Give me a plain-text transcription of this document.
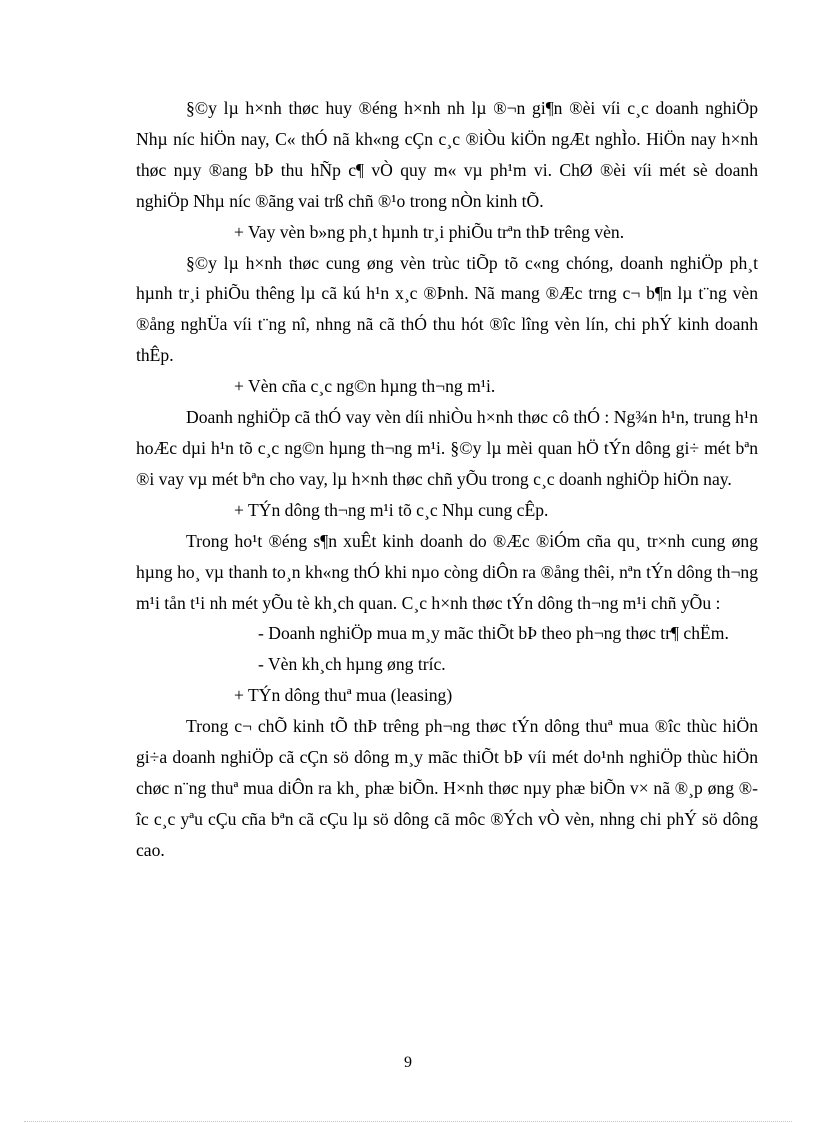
§©y lµ h×nh thøc huy ®éng h×nh nh lµ ®¬n gi¶n ®èi víi c¸c doanh nghiÖp Nhµ níc hiÖn nay, C« thÓ nã kh«ng cÇn c¸c ®iÒu kiÖn ngÆt nghÌo. HiÖn nay h×nh thøc nµy ®ang bÞ thu hÑp c¶ vÒ quy m« vµ ph¹m vi. ChØ ®èi víi mét sè doanh nghiÖp Nhµ níc ®ãng vai trß chñ ®¹o trong nÒn kinh tÕ.

+ Vay vèn b»ng ph¸t hµnh tr¸i phiÕu trªn thÞ trêng vèn.

§©y lµ h×nh thøc cung øng vèn trùc tiÕp tõ c«ng chóng, doanh nghiÖp ph¸t hµnh tr¸i phiÕu thêng lµ cã kú h¹n x¸c ®Þnh. Nã mang ®Æc trng c¬ b¶n lµ t¨ng vèn ®ång nghÜa víi t¨ng nî, nhng nã cã thÓ thu hót ®îc lîng vèn lín, chi phÝ kinh doanh thÊp.

+ Vèn cña c¸c ng©n hµng th¬ng m¹i.

Doanh nghiÖp cã thÓ vay vèn díi nhiÒu h×nh thøc cô thÓ : Ng¾n h¹n, trung h¹n hoÆc dµi h¹n tõ c¸c ng©n hµng th¬ng m¹i. §©y lµ mèi quan hÖ tÝn dông gi÷ mét bªn ®i vay vµ mét bªn cho vay, lµ h×nh thøc chñ yÕu trong c¸c doanh nghiÖp hiÖn nay.

+ TÝn dông th¬ng m¹i tõ c¸c Nhµ cung cÊp.

Trong ho¹t ®éng s¶n xuÊt kinh doanh do ®Æc ®iÓm cña qu¸ tr×nh cung øng hµng ho¸ vµ thanh to¸n kh«ng thÓ khi nµo còng diÔn ra ®ång thêi, nªn tÝn dông th¬ng m¹i tån t¹i nh mét yÕu tè kh¸ch quan. C¸c h×nh thøc tÝn dông th¬ng m¹i chñ yÕu :

- Doanh nghiÖp mua m¸y mãc thiÕt bÞ theo ph¬ng thøc tr¶ chËm.

- Vèn kh¸ch hµng øng tríc.

+ TÝn dông thuª mua (leasing)

Trong c¬ chÕ kinh tÕ thÞ trêng ph¬ng thøc tÝn dông thuª mua ®îc thùc hiÖn gi÷a doanh nghiÖp cã cÇn sö dông m¸y mãc thiÕt bÞ víi mét do¹nh nghiÖp thùc hiÖn chøc n¨ng thuª mua diÔn ra kh¸ phæ biÕn. H×nh thøc nµy phæ biÕn v× nã ®¸p øng ®îc c¸c yªu cÇu cña bªn cã cÇu lµ sö dông cã môc ®Ých vÒ vèn, nhng chi phÝ sö dông cao.

9
